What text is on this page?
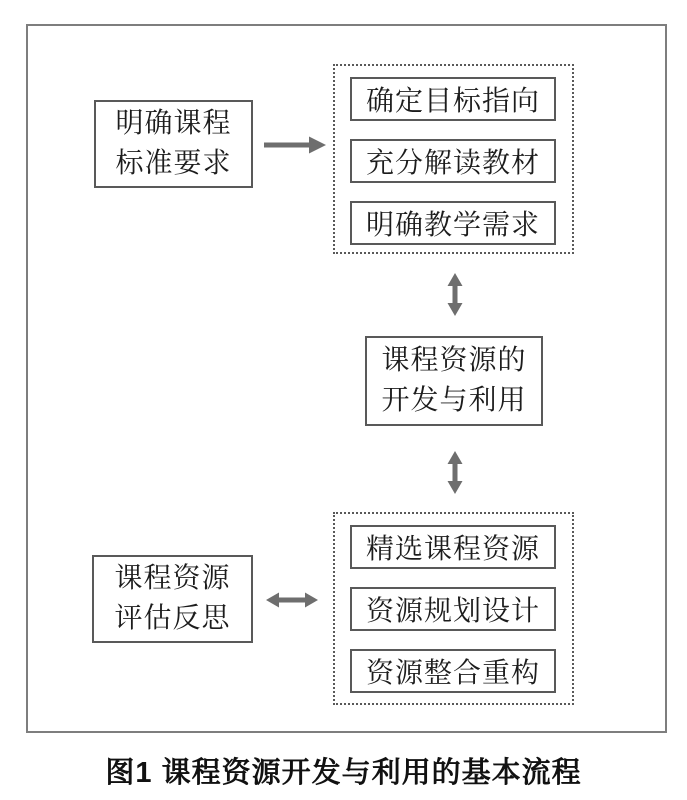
明确课程
标准要求
确定目标指向
充分解读教材
明确教学需求
课程资源的
开发与利用
精选课程资源
资源规划设计
资源整合重构
课程资源
评估反思
图1 课程资源开发与利用的基本流程
